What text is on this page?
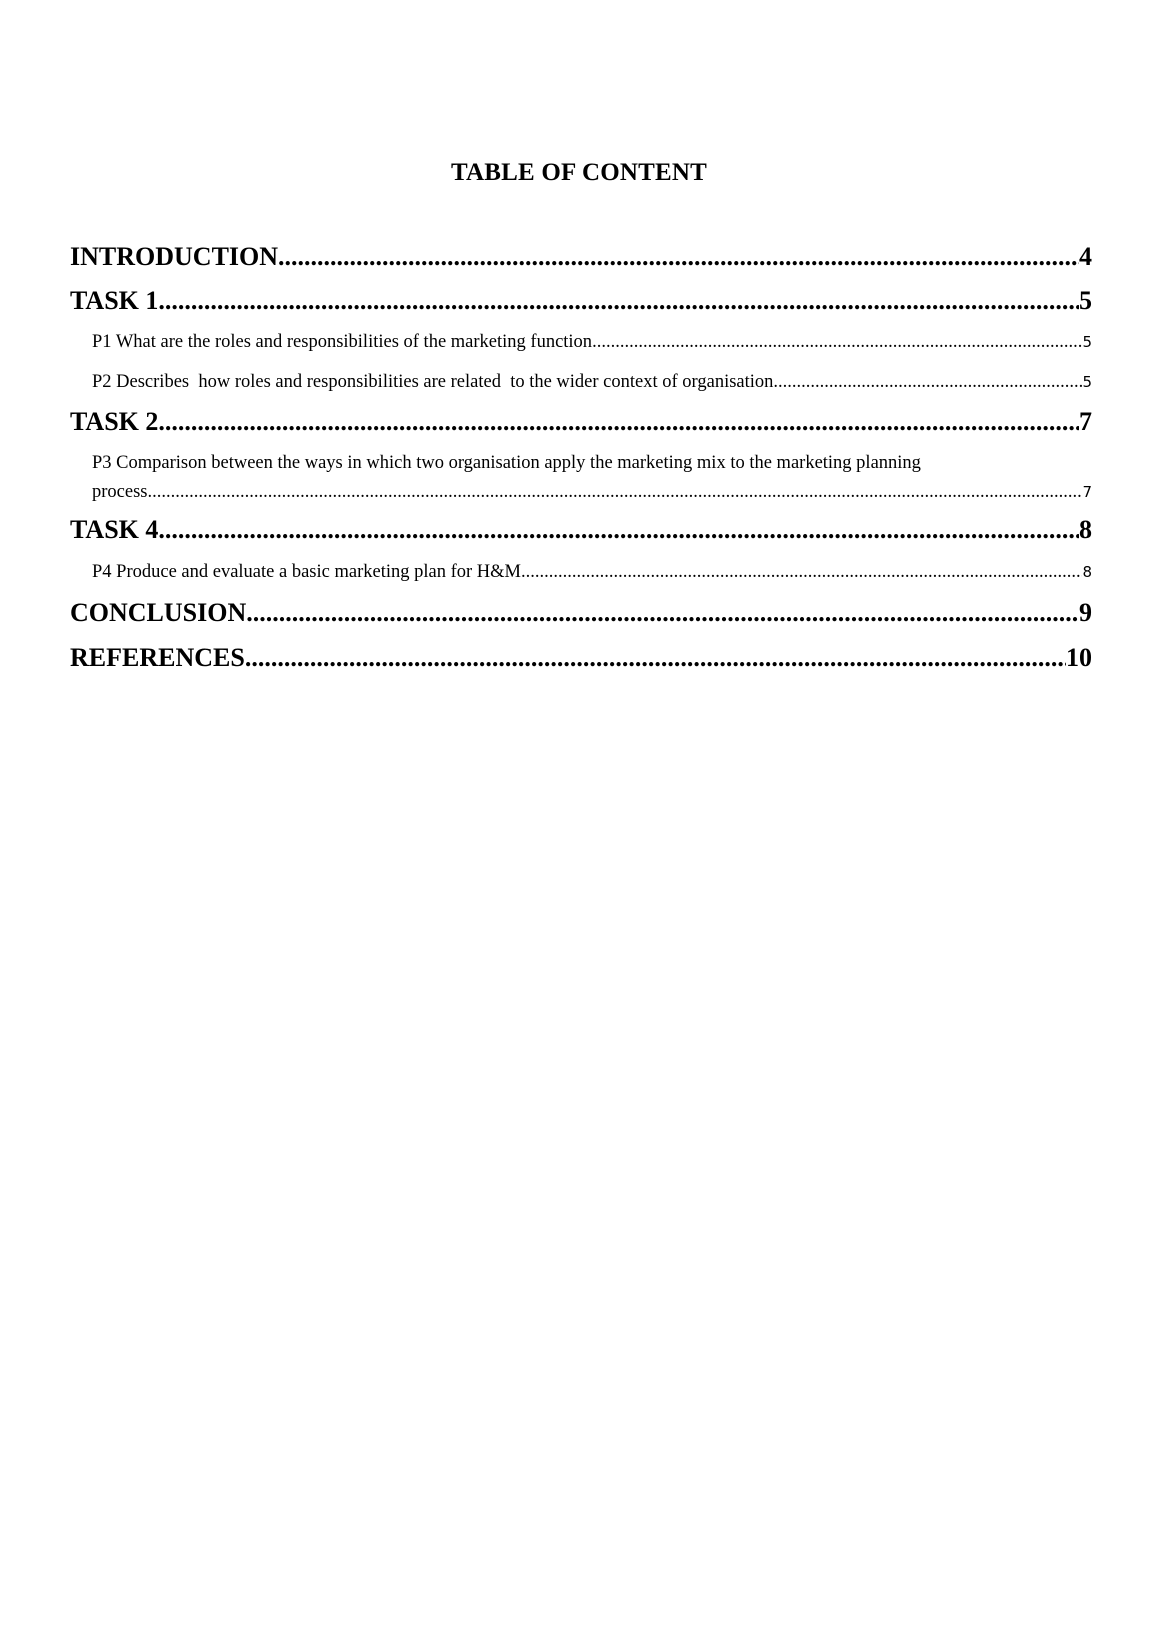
TABLE OF CONTENT
INTRODUCTION .....	4
TASK 1 .....	5
P1 What are the roles and responsibilities of the marketing function .....	5
P2 Describes  how roles and responsibilities are related  to the wider context of organisation .....	5
TASK 2 .....	7
P3 Comparison between the ways in which two organisation apply the marketing mix to the marketing planning
process .....	7
TASK 4 .....	8
P4 Produce and evaluate a basic marketing plan for H&M .....	8
CONCLUSION .....	9
REFERENCES .....	10
